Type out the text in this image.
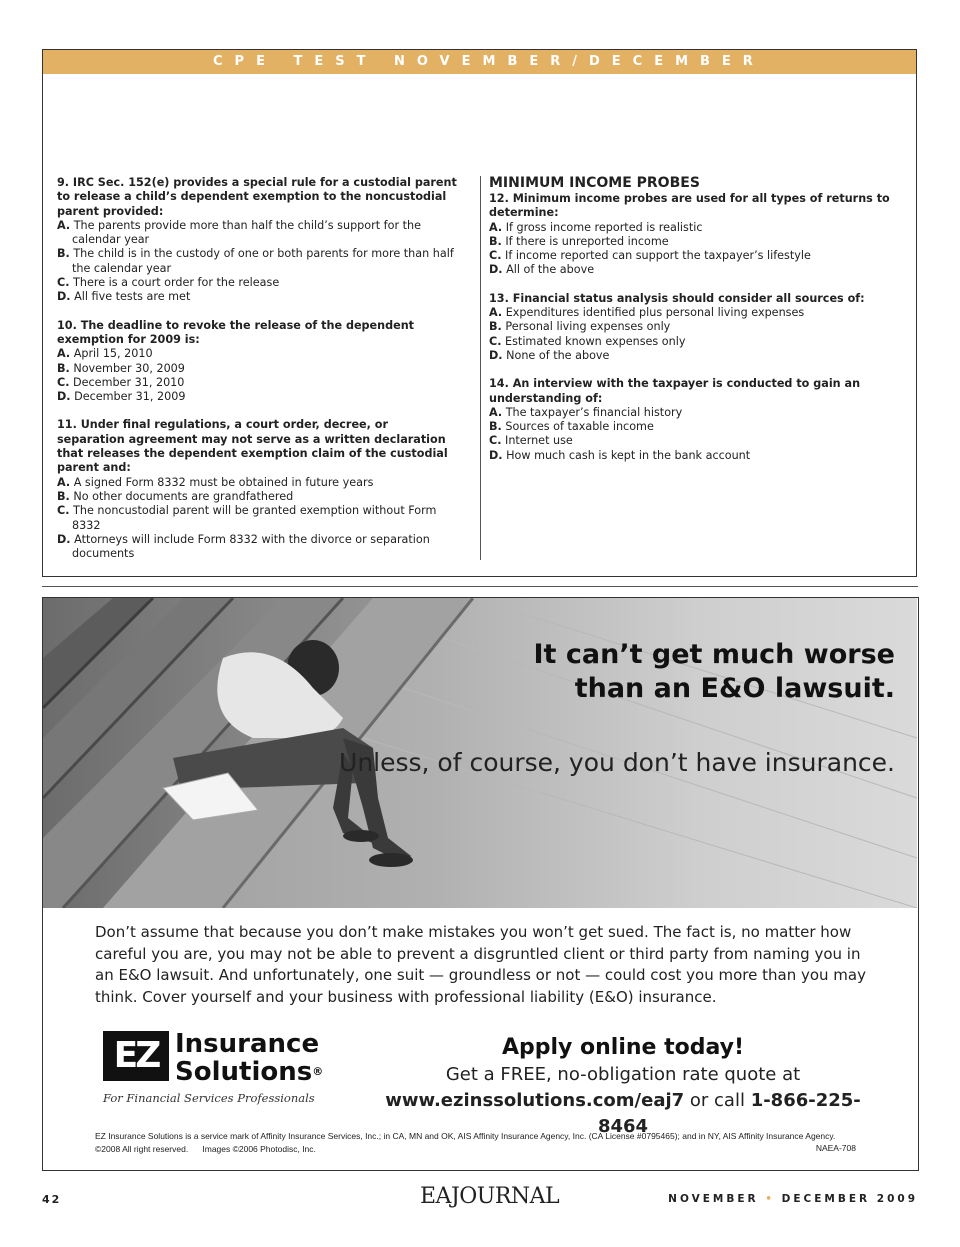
CPE TEST NOVEMBER/DECEMBER
9. IRC Sec. 152(e) provides a special rule for a custodial parent to release a child’s dependent exemption to the noncustodial parent provided:
A. The parents provide more than half the child’s support for the calendar year
B. The child is in the custody of one or both parents for more than half the calendar year
C. There is a court order for the release
D. All five tests are met
10. The deadline to revoke the release of the dependent exemption for 2009 is:
A. April 15, 2010
B. November 30, 2009
C. December 31, 2010
D. December 31, 2009
11. Under final regulations, a court order, decree, or separation agreement may not serve as a written declaration that releases the dependent exemption claim of the custodial parent and:
A. A signed Form 8332 must be obtained in future years
B. No other documents are grandfathered
C. The noncustodial parent will be granted exemption without Form 8332
D. Attorneys will include Form 8332 with the divorce or separation documents
MINIMUM INCOME PROBES
12. Minimum income probes are used for all types of returns to determine:
A. If gross income reported is realistic
B. If there is unreported income
C. If income reported can support the taxpayer’s lifestyle
D. All of the above
13. Financial status analysis should consider all sources of:
A. Expenditures identified plus personal living expenses
B. Personal living expenses only
C. Estimated known expenses only
D. None of the above
14. An interview with the taxpayer is conducted to gain an understanding of:
A. The taxpayer’s financial history
B. Sources of taxable income
C. Internet use
D. How much cash is kept in the bank account
It can’t get much worse
than an E&O lawsuit.
Unless, of course, you don’t have insurance.
Don’t assume that because you don’t make mistakes you won’t get sued. The fact is, no matter how careful you are, you may not be able to prevent a disgruntled client or third party from naming you in an E&O lawsuit. And unfortunately, one suit — groundless or not — could cost you more than you may think. Cover yourself and your business with professional liability (E&O) insurance.
EZ Insurance
Solutions®
For Financial Services Professionals
Apply online today!
Get a FREE, no-obligation rate quote at
www.ezinssolutions.com/eaj7 or call 1-866-225-8464
EZ Insurance Solutions is a service mark of Affinity Insurance Services, Inc.; in CA, MN and OK, AIS Affinity Insurance Agency, Inc. (CA License #0795465); and in NY, AIS Affinity Insurance Agency.
©2008 All right reserved.      Images ©2006 Photodisc, Inc.	NAEA-708
42	EAJOURNAL	NOVEMBER • DECEMBER 2009
